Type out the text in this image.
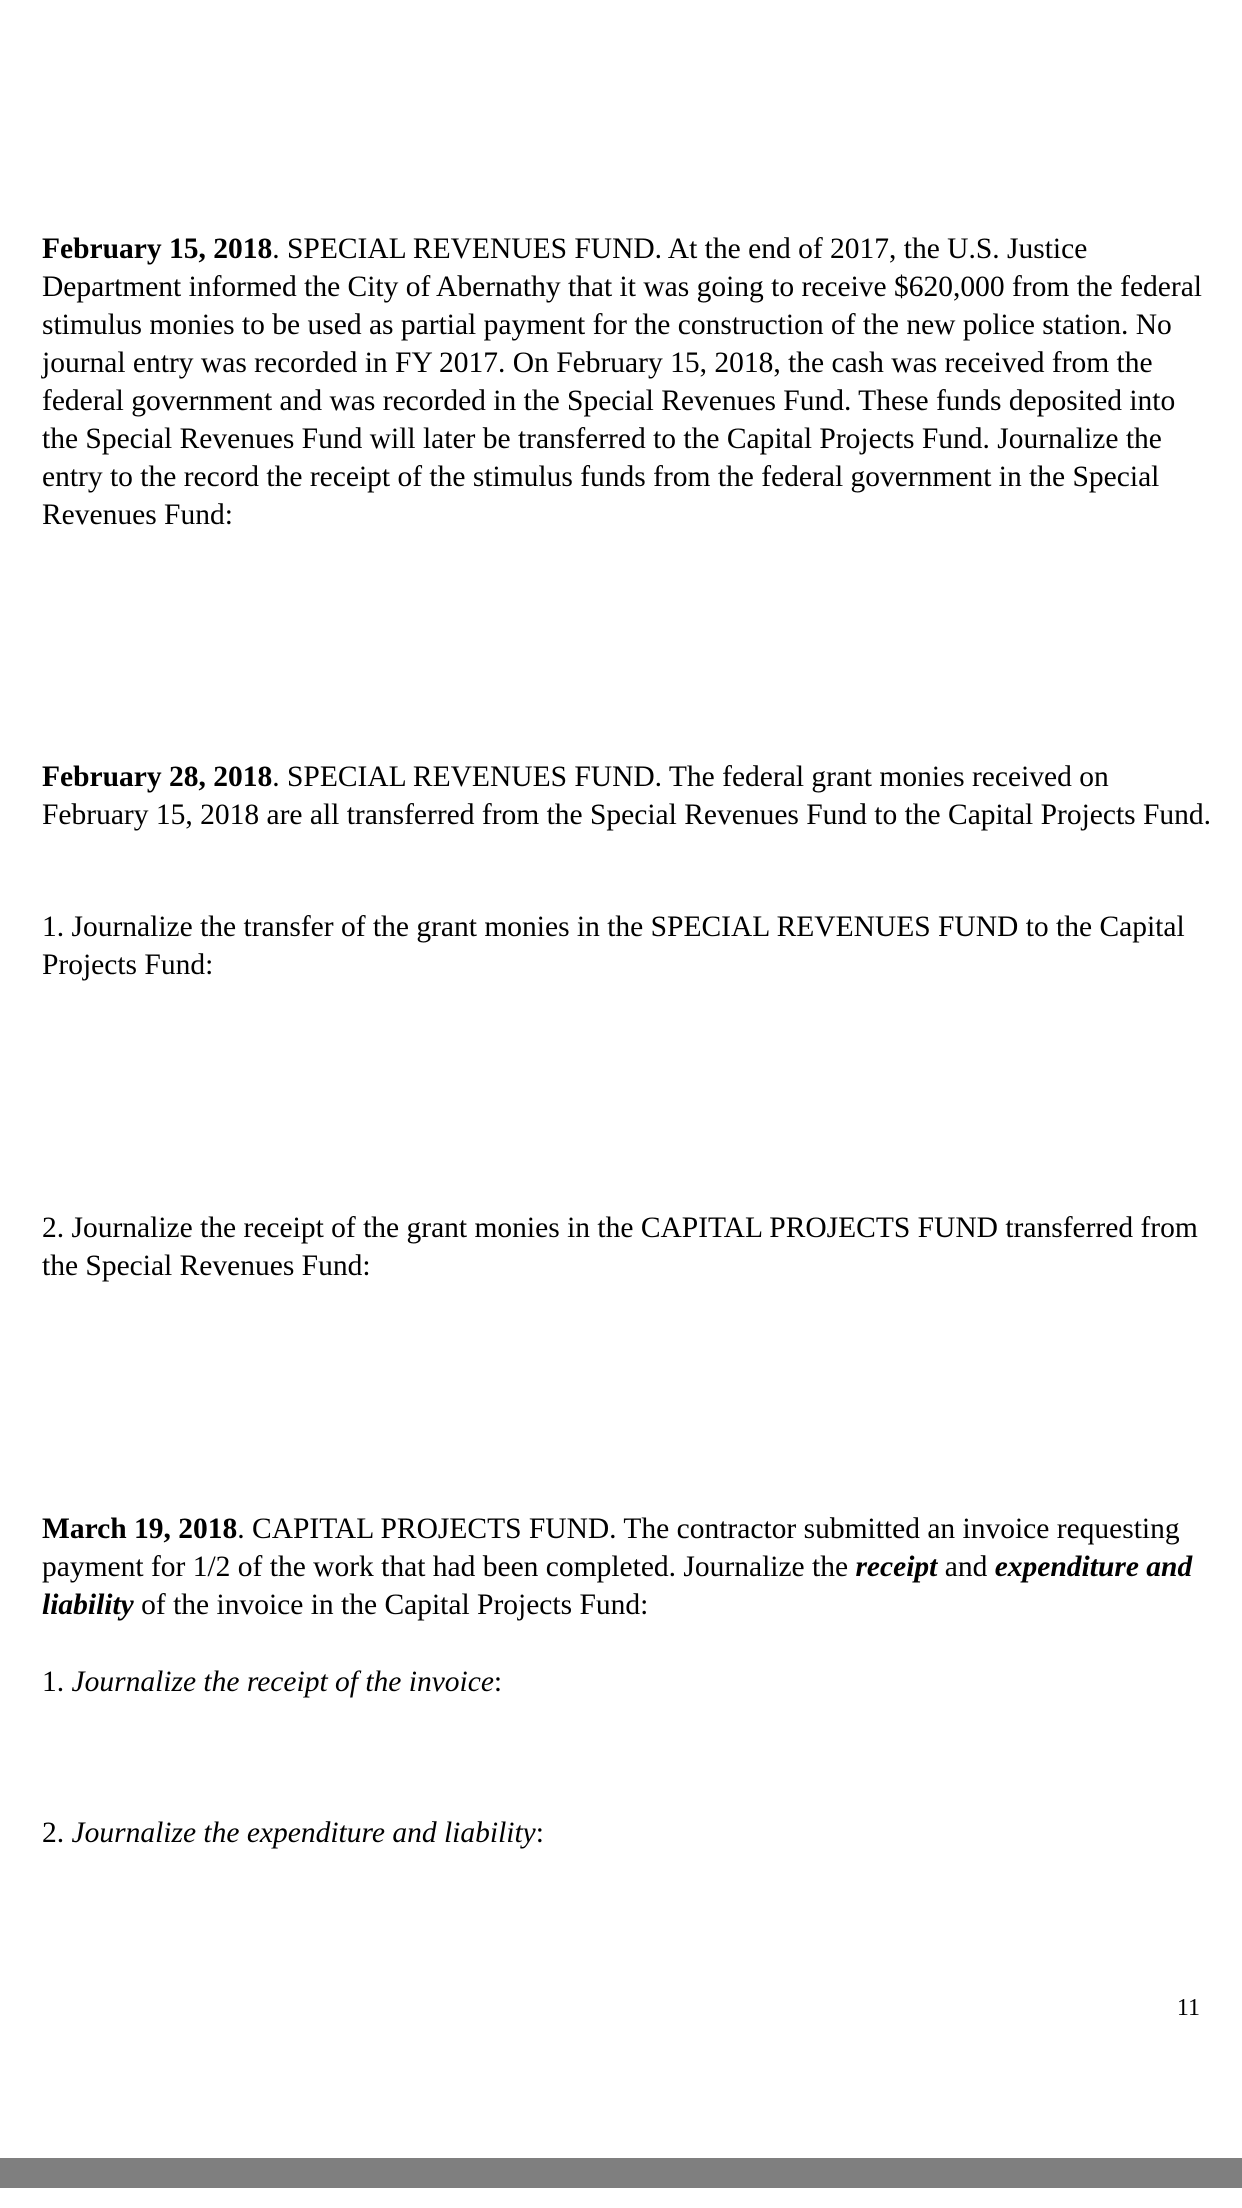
February 15, 2018. SPECIAL REVENUES FUND. At the end of 2017, the U.S. Justice Department informed the City of Abernathy that it was going to receive $620,000 from the federal stimulus monies to be used as partial payment for the construction of the new police station. No journal entry was recorded in FY 2017. On February 15, 2018, the cash was received from the federal government and was recorded in the Special Revenues Fund. These funds deposited into the Special Revenues Fund will later be transferred to the Capital Projects Fund. Journalize the entry to the record the receipt of the stimulus funds from the federal government in the Special Revenues Fund:

February 28, 2018. SPECIAL REVENUES FUND. The federal grant monies received on February 15, 2018 are all transferred from the Special Revenues Fund to the Capital Projects Fund.

1. Journalize the transfer of the grant monies in the SPECIAL REVENUES FUND to the Capital Projects Fund:

2. Journalize the receipt of the grant monies in the CAPITAL PROJECTS FUND transferred from the Special Revenues Fund:

March 19, 2018. CAPITAL PROJECTS FUND. The contractor submitted an invoice requesting payment for 1/2 of the work that had been completed. Journalize the receipt and expenditure and liability of the invoice in the Capital Projects Fund:

1. Journalize the receipt of the invoice:

2. Journalize the expenditure and liability:

11
